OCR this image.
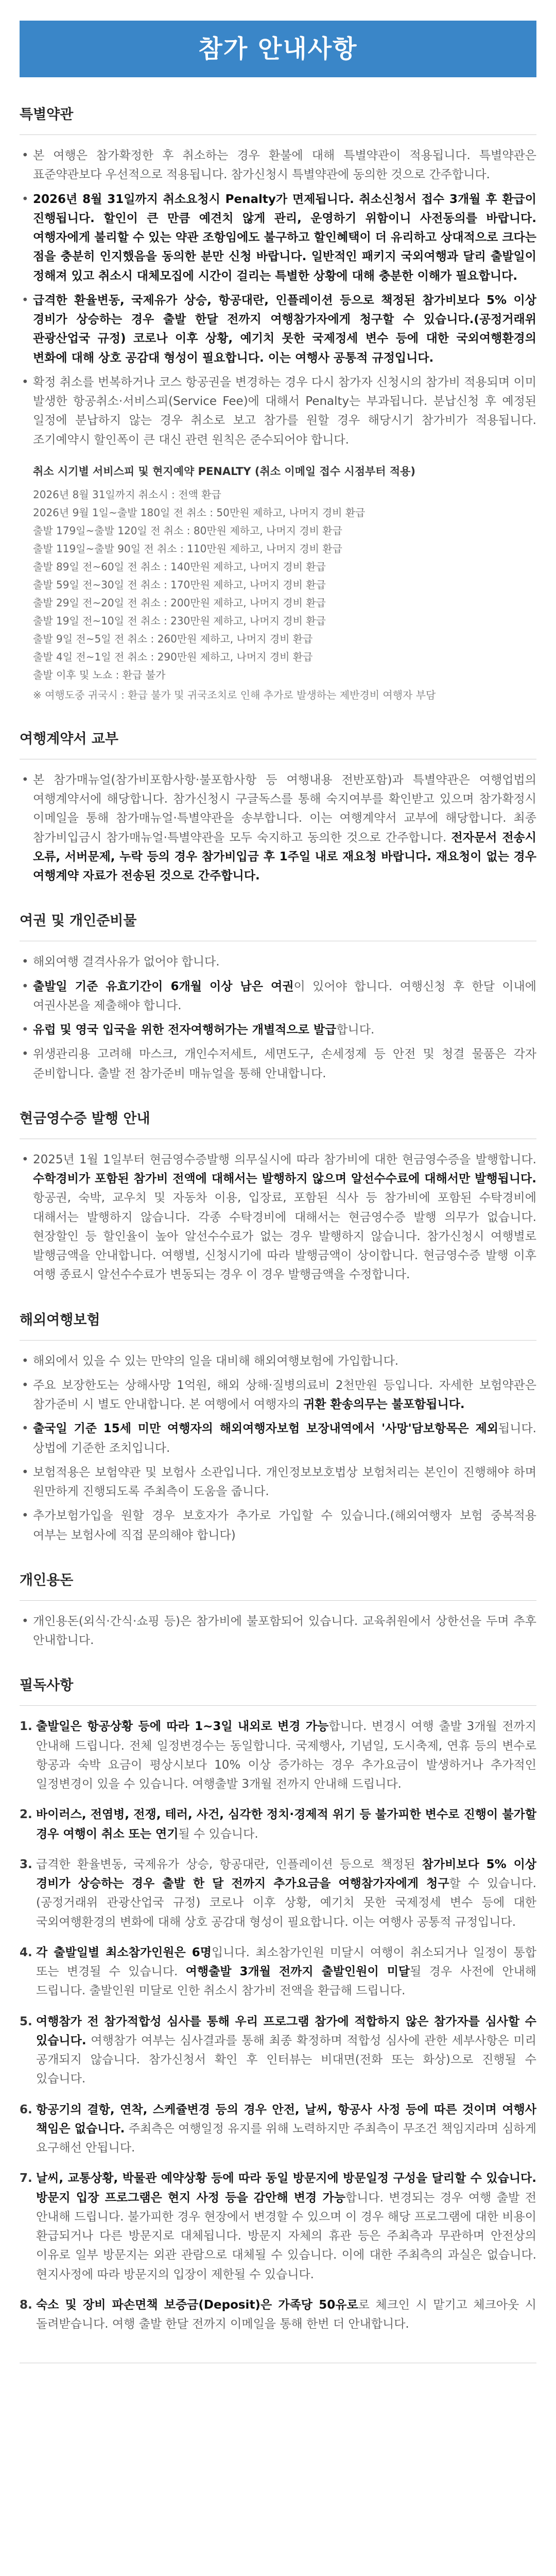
참가 안내사항
특별약관
• 본 여행은 참가확정한 후 취소하는 경우 환불에 대해 특별약관이 적용됩니다. 특별약관은 표준약관보다 우선적으로 적용됩니다. 참가신청시 특별약관에 동의한 것으로 간주합니다.
• 2026년 8월 31일까지 취소요청시 Penalty가 면제됩니다. 취소신청서 접수 3개월 후 환급이 진행됩니다. 할인이 큰 만큼 예견치 않게 관리, 운영하기 위함이니 사전동의를 바랍니다. 여행자에게 불리할 수 있는 약관 조항임에도 불구하고 할인혜택이 더 유리하고 상대적으로 크다는 점을 충분히 인지했음을 동의한 분만 신청 바랍니다. 일반적인 패키지 국외여행과 달리 출발일이 정해져 있고 취소시 대체모집에 시간이 걸리는 특별한 상황에 대해 충분한 이해가 필요합니다.
• 급격한 환율변동, 국제유가 상승, 항공대란, 인플레이션 등으로 책정된 참가비보다 5% 이상 경비가 상승하는 경우 출발 한달 전까지 여행참가자에게 청구할 수 있습니다.(공정거래위 관광산업국 규정) 코로나 이후 상황, 예기치 못한 국제정세 변수 등에 대한 국외여행환경의 변화에 대해 상호 공감대 형성이 필요합니다. 이는 여행사 공통적 규정입니다.
• 확정 취소를 번복하거나 코스 항공권을 변경하는 경우 다시 참가자 신청시의 참가비 적용되며 이미 발생한 항공취소·서비스피(Service Fee)에 대해서 Penalty는 부과됩니다. 분납신청 후 예정된 일정에 분납하지 않는 경우 취소로 보고 참가를 원할 경우 해당시기 참가비가 적용됩니다. 조기예약시 할인폭이 큰 대신 관련 원칙은 준수되어야 합니다.
취소 시기별 서비스피 및 현지예약 PENALTY (취소 이메일 접수 시점부터 적용)
2026년 8월 31일까지 취소시 : 전액 환급
2026년 9월 1일~출발 180일 전 취소 : 50만원 제하고, 나머지 경비 환급
출발 179일~출발 120일 전 취소 : 80만원 제하고, 나머지 경비 환급
출발 119일~출발 90일 전 취소 : 110만원 제하고, 나머지 경비 환급
출발 89일 전~60일 전 취소 : 140만원 제하고, 나머지 경비 환급
출발 59일 전~30일 전 취소 : 170만원 제하고, 나머지 경비 환급
출발 29일 전~20일 전 취소 : 200만원 제하고, 나머지 경비 환급
출발 19일 전~10일 전 취소 : 230만원 제하고, 나머지 경비 환급
출발 9일 전~5일 전 취소 : 260만원 제하고, 나머지 경비 환급
출발 4일 전~1일 전 취소 : 290만원 제하고, 나머지 경비 환급
출발 이후 및 노쇼 : 환급 불가
※ 여행도중 귀국시 : 환급 불가 및 귀국조치로 인해 추가로 발생하는 제반경비 여행자 부담
여행계약서 교부
• 본 참가매뉴얼(참가비포함사항·불포함사항 등 여행내용 전반포함)과 특별약관은 여행업법의 여행계약서에 해당합니다. 참가신청시 구글독스를 통해 숙지여부를 확인받고 있으며 참가확정시 이메일을 통해 참가매뉴얼·특별약관을 송부합니다. 이는 여행계약서 교부에 해당합니다. 최종 참가비입금시 참가매뉴얼·특별약관을 모두 숙지하고 동의한 것으로 간주합니다. 전자문서 전송시 오류, 서버문제, 누락 등의 경우 참가비입금 후 1주일 내로 재요청 바랍니다. 재요청이 없는 경우 여행계약 자료가 전송된 것으로 간주합니다.
여권 및 개인준비물
• 해외여행 결격사유가 없어야 합니다.
• 출발일 기준 유효기간이 6개월 이상 남은 여권이 있어야 합니다. 여행신청 후 한달 이내에 여권사본을 제출해야 합니다.
• 유럽 및 영국 입국을 위한 전자여행허가는 개별적으로 발급합니다.
• 위생관리용 고려해 마스크, 개인수저세트, 세면도구, 손세정제 등 안전 및 청결 물품은 각자 준비합니다. 출발 전 참가준비 매뉴얼을 통해 안내합니다.
현금영수증 발행 안내
• 2025년 1월 1일부터 현금영수증발행 의무실시에 따라 참가비에 대한 현금영수증을 발행합니다. 수학경비가 포함된 참가비 전액에 대해서는 발행하지 않으며 알선수수료에 대해서만 발행됩니다. 항공권, 숙박, 교우치 및 자동차 이용, 입장료, 포함된 식사 등 참가비에 포함된 수탁경비에 대해서는 발행하지 않습니다. 각종 수탁경비에 대해서는 현금영수증 발행 의무가 없습니다. 현장할인 등 할인율이 높아 알선수수료가 없는 경우 발행하지 않습니다. 참가신청시 여행별로 발행금액을 안내합니다. 여행별, 신청시기에 따라 발행금액이 상이합니다. 현금영수증 발행 이후 여행 종료시 알선수수료가 변동되는 경우 이 경우 발행금액을 수정합니다.
해외여행보험
• 해외에서 있을 수 있는 만약의 일을 대비해 해외여행보험에 가입합니다.
• 주요 보장한도는 상해사망 1억원, 해외 상해·질병의료비 2천만원 등입니다. 자세한 보험약관은 참가준비 시 별도 안내합니다. 본 여행에서 여행자의 귀환 환송의무는 불포함됩니다.
• 출국일 기준 15세 미만 여행자의 해외여행자보험 보장내역에서 '사망'담보항목은 제외됩니다. 상법에 기준한 조치입니다.
• 보험적용은 보험약관 및 보험사 소관입니다. 개인정보보호법상 보험처리는 본인이 진행해야 하며 원만하게 진행되도록 주최측이 도움을 줍니다.
• 추가보험가입을 원할 경우 보호자가 추가로 가입할 수 있습니다.(해외여행자 보험 중복적용 여부는 보험사에 직접 문의해야 합니다)
개인용돈
• 개인용돈(외식·간식·쇼핑 등)은 참가비에 불포함되어 있습니다. 교육취원에서 상한선을 두며 추후 안내합니다.
필독사항
1. 출발일은 항공상황 등에 따라 1~3일 내외로 변경 가능합니다. 변경시 여행 출발 3개월 전까지 안내해 드립니다. 전체 일정변경수는 동일합니다. 국제행사, 기념일, 도시축제, 연휴 등의 변수로 항공과 숙박 요금이 평상시보다 10% 이상 증가하는 경우 추가요금이 발생하거나 추가적인 일정변경이 있을 수 있습니다. 여행출발 3개월 전까지 안내해 드립니다.
2. 바이러스, 전염병, 전쟁, 테러, 사건, 심각한 정치·경제적 위기 등 불가피한 변수로 진행이 불가할 경우 여행이 취소 또는 연기될 수 있습니다.
3. 급격한 환율변동, 국제유가 상승, 항공대란, 인플레이션 등으로 책정된 참가비보다 5% 이상 경비가 상승하는 경우 출발 한 달 전까지 추가요금을 여행참가자에게 청구할 수 있습니다.(공정거래위 관광산업국 규정) 코로나 이후 상황, 예기치 못한 국제정세 변수 등에 대한 국외여행환경의 변화에 대해 상호 공감대 형성이 필요합니다. 이는 여행사 공통적 규정입니다.
4. 각 출발일별 최소참가인원은 6명입니다. 최소참가인원 미달시 여행이 취소되거나 일정이 통합 또는 변경될 수 있습니다. 여행출발 3개월 전까지 출발인원이 미달될 경우 사전에 안내해 드립니다. 출발인원 미달로 인한 취소시 참가비 전액을 환급해 드립니다.
5. 여행참가 전 참가적합성 심사를 통해 우리 프로그램 참가에 적합하지 않은 참가자를 심사할 수 있습니다. 여행참가 여부는 심사결과를 통해 최종 확정하며 적합성 심사에 관한 세부사항은 미리 공개되지 않습니다. 참가신청서 확인 후 인터뷰는 비대면(전화 또는 화상)으로 진행될 수 있습니다.
6. 항공기의 결항, 연착, 스케쥴변경 등의 경우 안전, 날씨, 항공사 사정 등에 따른 것이며 여행사 책임은 없습니다. 주최측은 여행일정 유지를 위해 노력하지만 주최측이 무조건 책임지라며 심하게 요구해선 안됩니다.
7. 날씨, 교통상황, 박물관 예약상황 등에 따라 동일 방문지에 방문일정 구성을 달리할 수 있습니다. 방문지 입장 프로그램은 현지 사정 등을 감안해 변경 가능합니다. 변경되는 경우 여행 출발 전 안내해 드립니다. 불가피한 경우 현장에서 변경할 수 있으며 이 경우 해당 프로그램에 대한 비용이 환급되거나 다른 방문지로 대체됩니다. 방문지 자체의 휴관 등은 주최측과 무관하며 안전상의 이유로 일부 방문지는 외관 관람으로 대체될 수 있습니다. 이에 대한 주최측의 과실은 없습니다. 현지사정에 따라 방문지의 입장이 제한될 수 있습니다.
8. 숙소 및 장비 파손면책 보증금(Deposit)은 가족당 50유로로 체크인 시 맡기고 체크아웃 시 돌려받습니다. 여행 출발 한달 전까지 이메일을 통해 한번 더 안내합니다.
